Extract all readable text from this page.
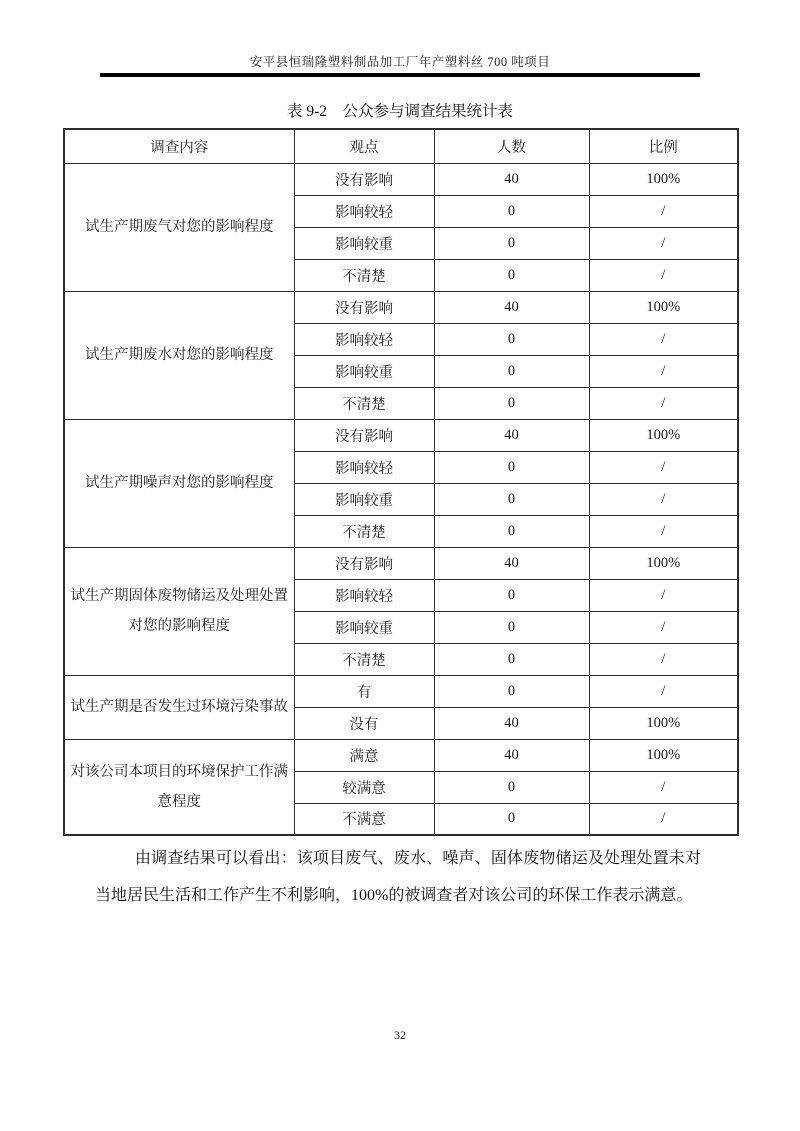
安平县恒瑞隆塑料制品加工厂年产塑料丝 700 吨项目
表 9-2　公众参与调查结果统计表
调查内容	观点	人数	比例
试生产期废气对您的影响程度	没有影响	40	100%
	影响较轻	0	/
	影响较重	0	/
	不清楚	0	/
试生产期废水对您的影响程度	没有影响	40	100%
	影响较轻	0	/
	影响较重	0	/
	不清楚	0	/
试生产期噪声对您的影响程度	没有影响	40	100%
	影响较轻	0	/
	影响较重	0	/
	不清楚	0	/
试生产期固体废物储运及处理处置对您的影响程度	没有影响	40	100%
	影响较轻	0	/
	影响较重	0	/
	不清楚	0	/
试生产期是否发生过环境污染事故	有	0	/
	没有	40	100%
对该公司本项目的环境保护工作满意程度	满意	40	100%
	较满意	0	/
	不满意	0	/
由调查结果可以看出：该项目废气、废水、噪声、固体废物储运及处理处置未对当地居民生活和工作产生不利影响，100%的被调查者对该公司的环保工作表示满意。
32
